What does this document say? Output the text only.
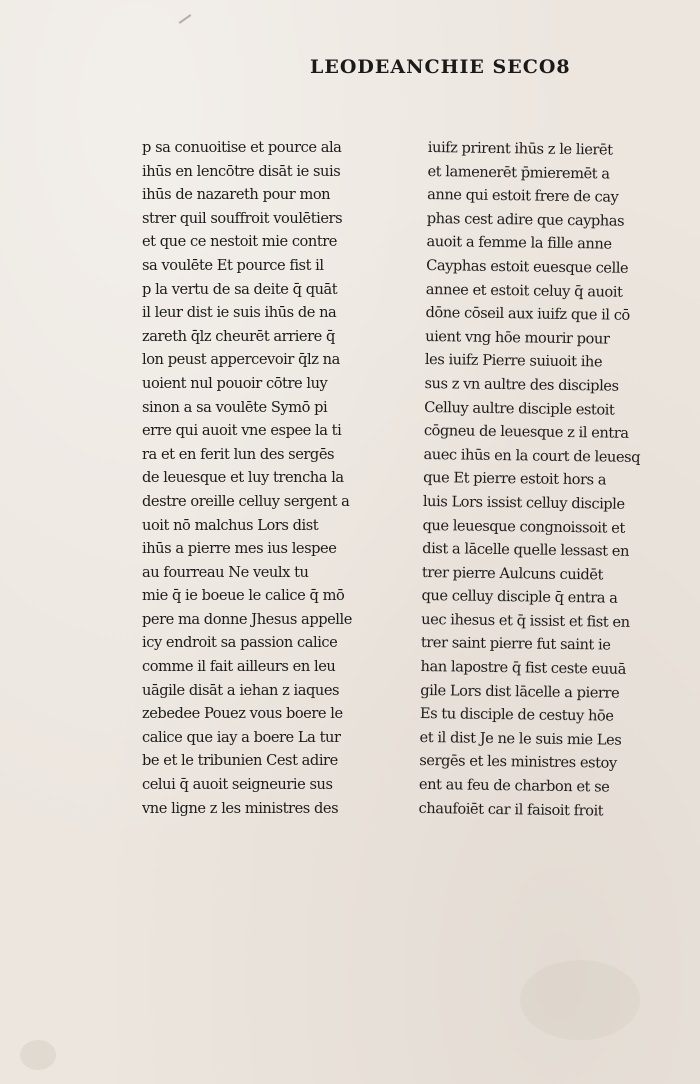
LEODEANCHIE SECO8
p sa conuoitise et pource ala
ihūs en lencōtre disāt ie suis
ihūs de nazareth pour mon
strer quil souffroit voulētiers
et que ce nestoit mie contre
sa voulēte Et pource fist il
p la vertu de sa deite q̄ quāt
il leur dist ie suis ihūs de na
zareth q̄lz cheurēt arriere q̄
lon peust appercevoir q̄lz na
uoient nul pouoir cōtre luy
sinon a sa voulēte Symō pi
erre qui auoit vne espee la ti
ra et en ferit lun des sergēs
de leuesque et luy trencha la
destre oreille celluy sergent a
uoit nō malchus Lors dist
ihūs a pierre mes ius lespee
au fourreau Ne veulx tu
mie q̄ ie boeue le calice q̄ mō
pere ma donne Jhesus appelle
icy endroit sa passion calice
comme il fait ailleurs en leu
uāgile disāt a iehan z iaques
zebedee Pouez vous boere le
calice que iay a boere Lа tur
be et le tribunien Cest adire
celui q̄ auoit seigneurie sus
vne ligne z les ministres des
iuifz prirent ihūs z le lierēt
et lamenerēt p̄mieremēt a
anne qui estoit frere de cay
phas cest adire que cayphas
auoit a femme la fille anne
Cayphas estoit euesque celle
annee et estoit celuy q̄ auoit
dōne cōseil aux iuifz que il cō
uient vng hōe mourir pour
les iuifz Pierre suiuoit ihe
sus z vn aultre des disciples
Celluy aultre disciple estoit
cōgneu de leuesque z il entra
auec ihūs en la court de leuesq
que Et pierre estoit hors a
luis Lors issist celluy disciple
que leuesque congnoissoit et
dist a lācelle quelle lessast en
trer pierre Aulcuns cuidēt
que celluy disciple q̄ entra a
uec ihesus et q̄ issist et fist en
trer saint pierre fut saint ie
han lapostre q̄ fist ceste euuā
gile Lors dist lācelle a pierre
Es tu disciple de cestuy hōe
et il dist Je ne le suis mie Les
sergēs et les ministres estoy
ent au feu de charbon et se
chaufoiēt car il faisoit froit
